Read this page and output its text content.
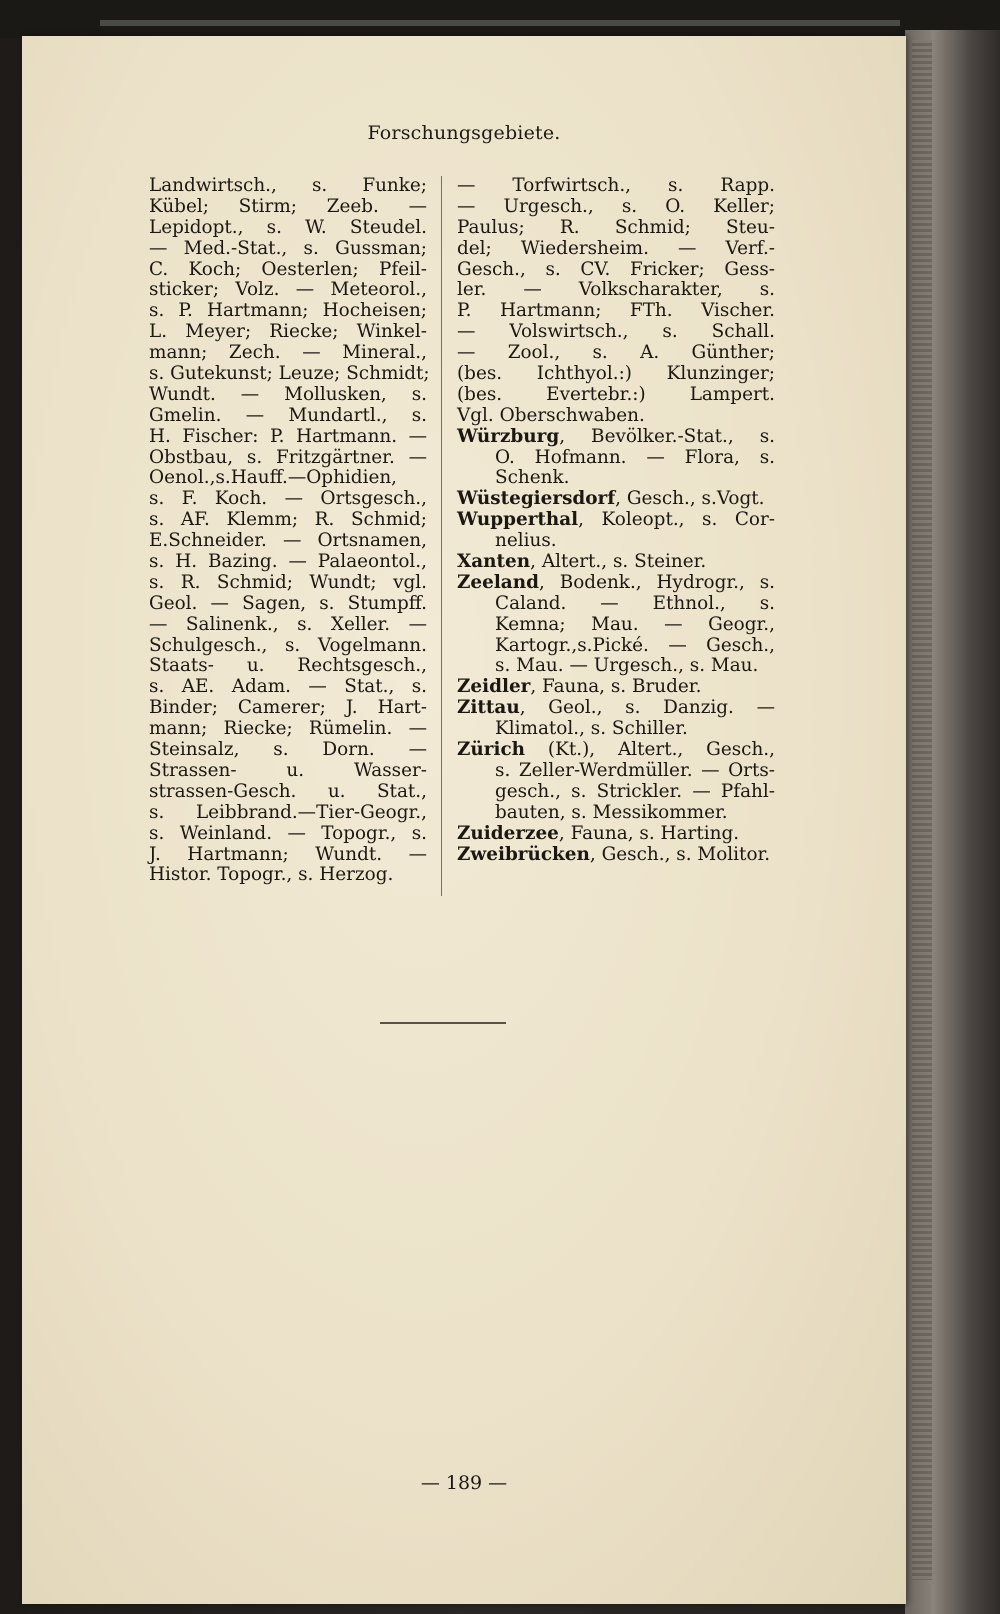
Forschungsgebiete.
Landwirtsch., s. Funke;
Kübel; Stirm; Zeeb. —
Lepidopt., s. W. Steudel.
— Med.-Stat., s. Gussman;
C. Koch; Oesterlen; Pfeil-
sticker; Volz. — Meteorol.,
s. P. Hartmann; Hocheisen;
L. Meyer; Riecke; Winkel-
mann; Zech. — Mineral.,
s. Gutekunst; Leuze; Schmidt;
Wundt. — Mollusken, s.
Gmelin. — Mundartl., s.
H. Fischer: P. Hartmann. —
Obstbau, s. Fritzgärtner. —
Oenol.,s.Hauff.—Ophidien,
s. F. Koch. — Ortsgesch.,
s. AF. Klemm; R. Schmid;
E.Schneider. — Ortsnamen,
s. H. Bazing. — Palaeontol.,
s. R. Schmid; Wundt; vgl.
Geol. — Sagen, s. Stumpff.
— Salinenk., s. Xeller. —
Schulgesch., s. Vogelmann.
Staats- u. Rechtsgesch.,
s. AE. Adam. — Stat., s.
Binder; Camerer; J. Hart-
mann; Riecke; Rümelin. —
Steinsalz, s. Dorn. —
Strassen- u. Wasser-
strassen-Gesch. u. Stat.,
s. Leibbrand.—Tier-Geogr.,
s. Weinland. — Topogr., s.
J. Hartmann; Wundt. —
Histor. Topogr., s. Herzog.
— Torfwirtsch., s. Rapp.
— Urgesch., s. O. Keller;
Paulus; R. Schmid; Steu-
del; Wiedersheim. — Verf.-
Gesch., s. CV. Fricker; Gess-
ler. — Volkscharakter, s.
P. Hartmann; FTh. Vischer.
— Volswirtsch., s. Schall.
— Zool., s. A. Günther;
(bes. Ichthyol.:) Klunzinger;
(bes. Evertebr.:) Lampert.
Vgl. Oberschwaben.
Würzburg, Bevölker.-Stat., s.
O. Hofmann. — Flora, s.
Schenk.
Wüstegiersdorf, Gesch., s.Vogt.
Wupperthal, Koleopt., s. Cor-
nelius.
Xanten, Altert., s. Steiner.
Zeeland, Bodenk., Hydrogr., s.
Caland. — Ethnol., s.
Kemna; Mau. — Geogr.,
Kartogr.,s.Pické. — Gesch.,
s. Mau. — Urgesch., s. Mau.
Zeidler, Fauna, s. Bruder.
Zittau, Geol., s. Danzig. —
Klimatol., s. Schiller.
Zürich (Kt.), Altert., Gesch.,
s. Zeller-Werdmüller. — Orts-
gesch., s. Strickler. — Pfahl-
bauten, s. Messikommer.
Zuiderzee, Fauna, s. Harting.
Zweibrücken, Gesch., s. Molitor.
— 189 —
